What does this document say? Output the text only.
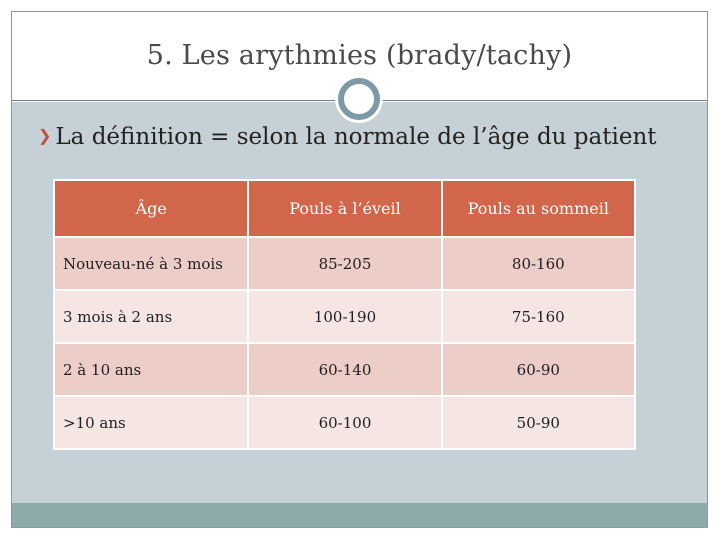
5. Les arythmies (brady/tachy)
❯ La définition = selon la normale de l’âge du patient
Âge	Pouls à l’éveil	Pouls au sommeil
Nouveau-né à 3 mois	85-205	80-160
3 mois à 2 ans	100-190	75-160
2 à 10 ans	60-140	60-90
>10 ans	60-100	50-90
